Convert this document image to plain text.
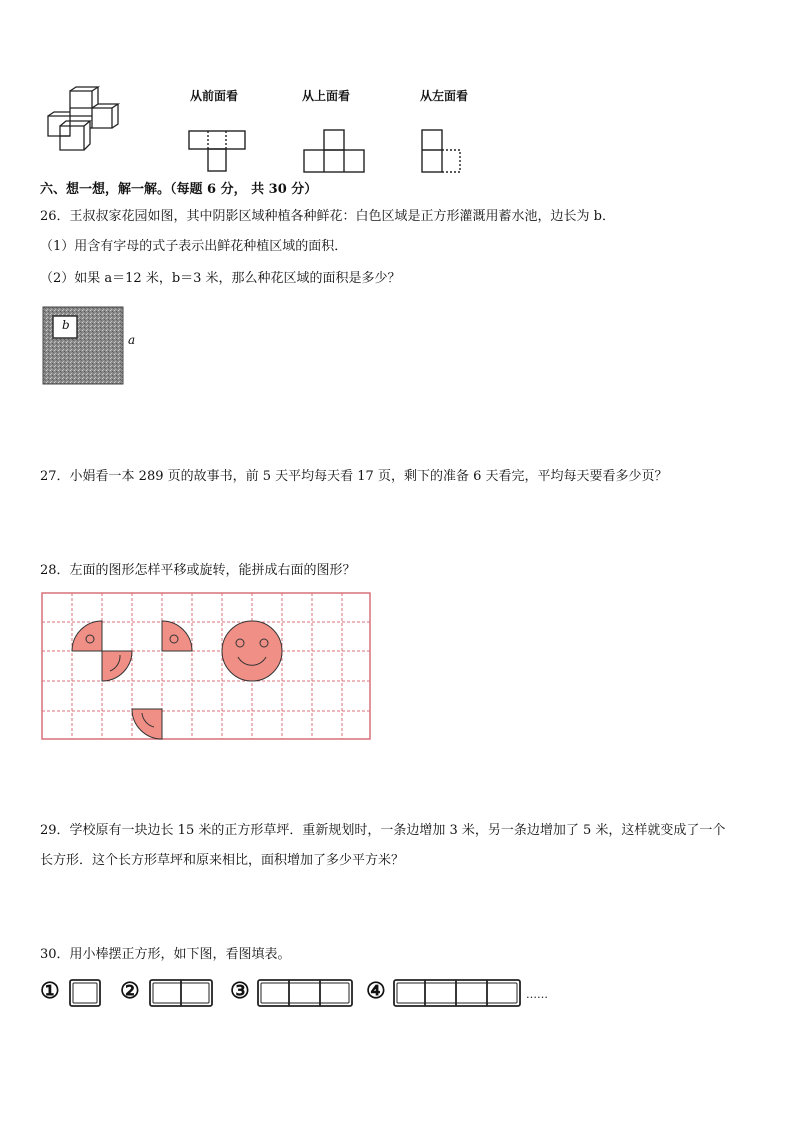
从前面看	从上面看	从左面看
六、想一想，解一解。（每题 6 分， 共 30 分）
26．王叔叔家花园如图，其中阴影区域种植各种鲜花：白色区域是正方形灌溉用蓄水池，边长为 b．
（1）用含有字母的式子表示出鲜花种植区域的面积．
（2）如果 a＝12 米，b＝3 米，那么种花区域的面积是多少？
b
a
27．小娟看一本 289 页的故事书，前 5 天平均每天看 17 页，剩下的准备 6 天看完，平均每天要看多少页？
28．左面的图形怎样平移或旋转，能拼成右面的图形？
29．学校原有一块边长 15 米的正方形草坪．重新规划时，一条边增加 3 米，另一条边增加了 5 米，这样就变成了一个
长方形．这个长方形草坪和原来相比，面积增加了多少平方米？
30．用小棒摆正方形，如下图，看图填表。
①	②	③	④	……
